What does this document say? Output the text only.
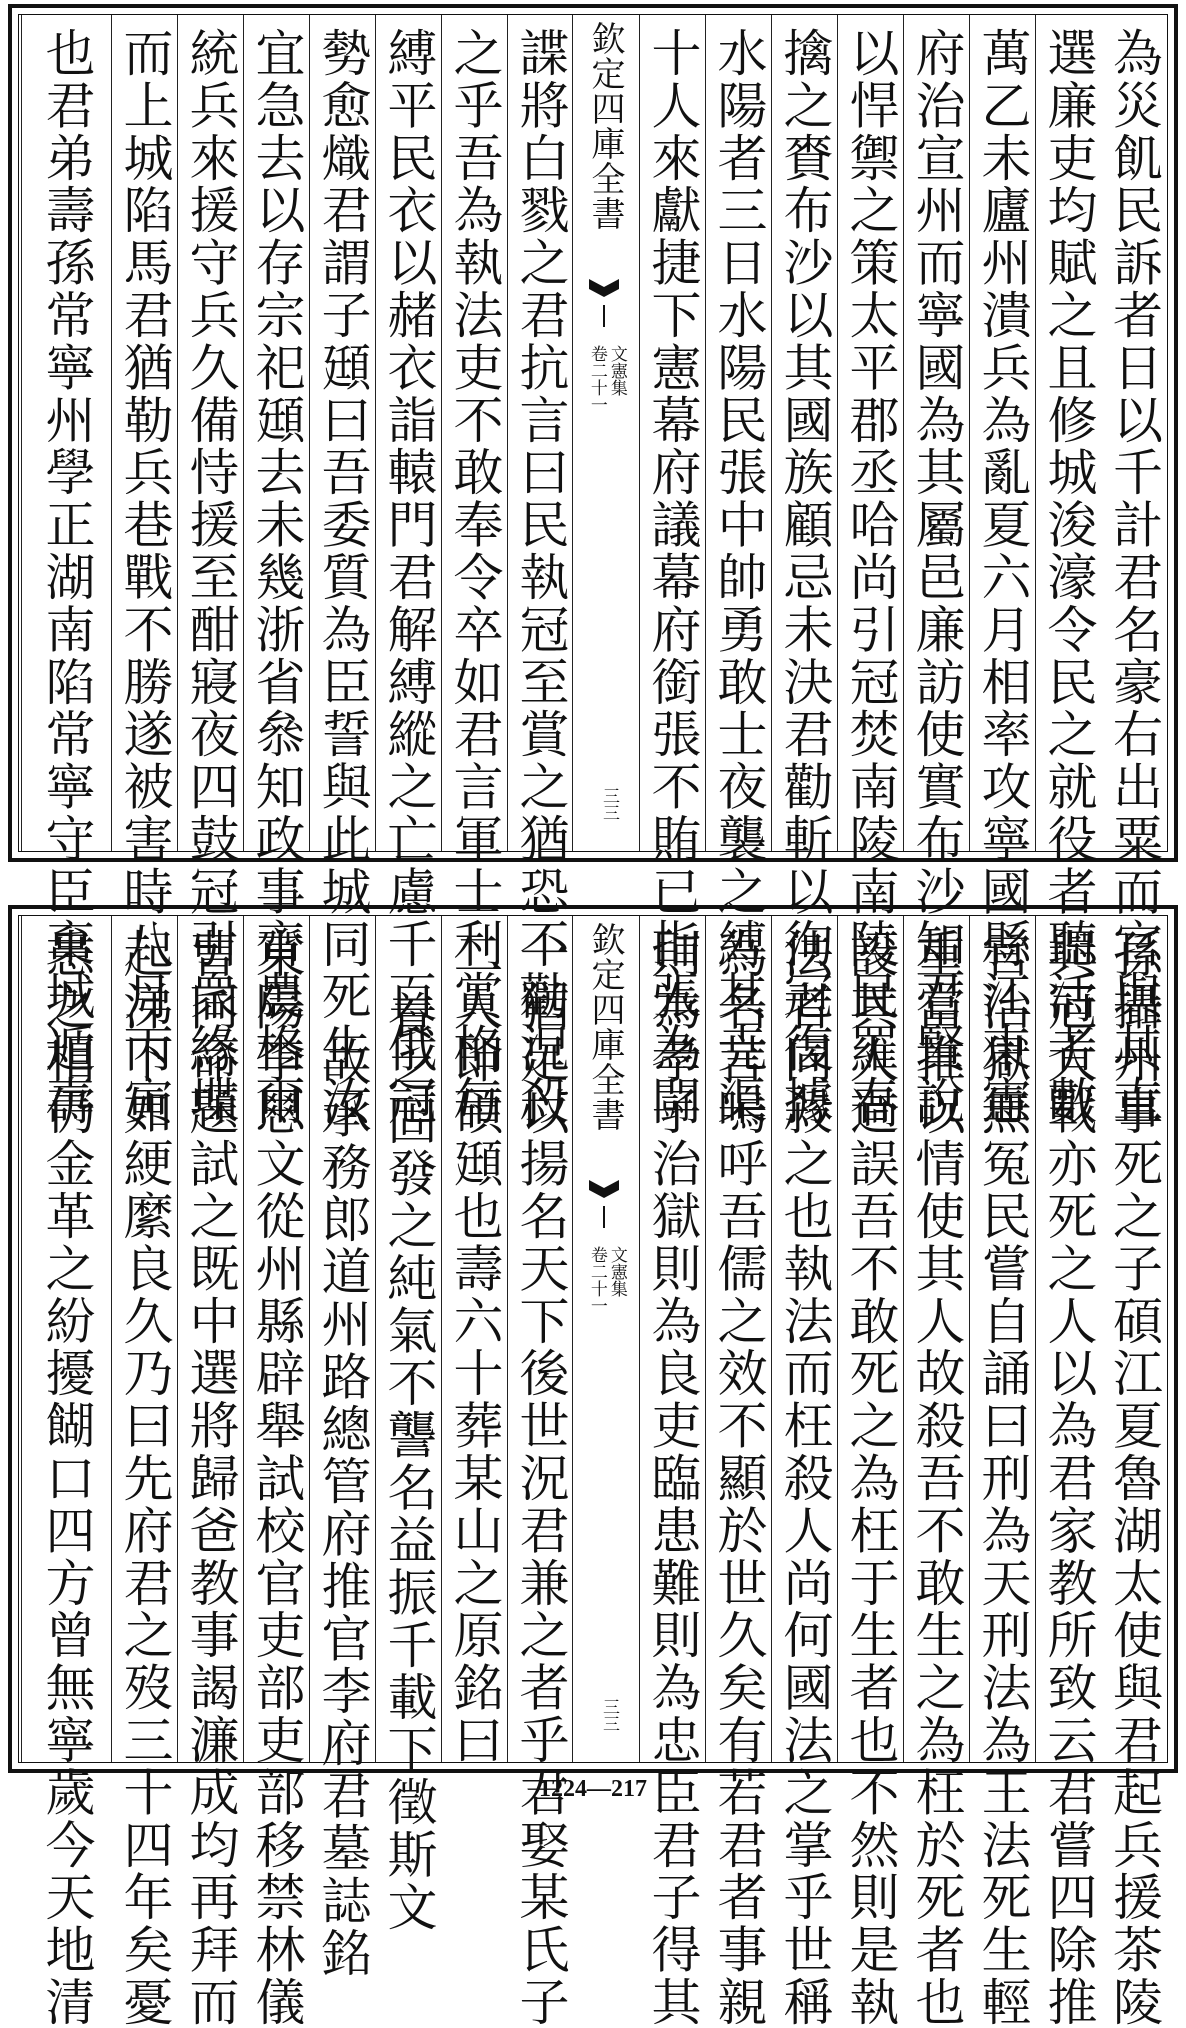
為災飢民訴者日以千計君名豪右出粟而官與其直
選廉吏均賦之且修城浚濠令民之就役者聽活者數
萬乙未廬州潰兵為亂夏六月相率攻寧國縣江東憲
府治宣州而寧國為其屬邑廉訪使實布沙知君賢說
以悍禦之策太平郡丞哈尚引冠焚南陵南陵民羅春
擒之賚布沙以其國族顧忌未決君勸斬以徇冠復據
水陽者三日水陽民張中帥勇敢士夜襲之縛其尭渠
十人來獻捷下憲幕府議幕府銜張不賄已指張為闘
欽定四庫全書
文憲集
卷二十一
三三
諜將白戮之君抗言曰民執冠至賞之猶恐不勸況殺
之乎吾為執法吏不敢奉令卒如君言軍士利賞格每
縛平民衣以赭衣詣轅門君解縛縱之亡慮千百俄冠
勢愈熾君謂子頲曰吾委質為臣誓與此城同死生汝
宜急去以存宗祀頲去未幾浙省叅知政事齊農格爾
統兵來援守兵久備恃援至酣寢夜四鼓冠引衆緣堞
而上城陷馬君猶勒兵巷戰不勝遂被害時八月丙寅
也君弟壽孫常寧州學正湖南陷常寧守臣棄城遁壽
孫攝州事死之子碩江夏魯湖太使與君起兵援茶陵
與冠大戰亦死之人以為君家教所致云君嘗四除推
官治獄無冤民嘗自誦曰刑為天刑法為王法死生輕
重當推以情使其人故殺吾不敢生之為枉於死者也
設其人過誤吾不敢死之為枉于生者也不然則是執
法者同殺之也執法而枉殺人尚何國法之掌乎世稱
為名言嗚呼吾儒之效不顯於世久矣有若君者事親
則為孝子治獄則為良吏臨患難則為忠臣君子得其
欽定四庫全書
文憲集
卷二十一
三三
一猶足以揚名天下後世況君兼之者乎君娶某氏子
二人即碩頲也壽六十葬某山之原銘曰
養之固發之純氣不讋名益振千載下徵斯文
故承務郎道州路總管府推官李府君墓誌銘
東陽李思文從州縣辟舉試校官吏部吏部移禁林儀
曹同命題試之既中選將歸爸教事謁濂成均再拜而
起涕下如綆縻良久乃曰先府君之歿三十四年矣憂
患之相仍金革之紛擾餬口四方曾無寧歲今天地清	1224—217
